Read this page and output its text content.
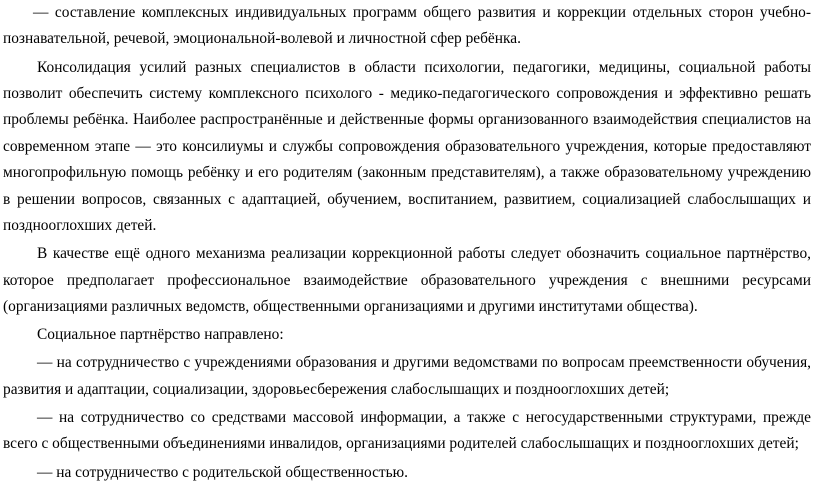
— составление комплексных индивидуальных программ общего развития и коррекции отдельных сторон учебно-познавательной, речевой, эмоциональной-волевой и личностной сфер ребёнка.

Консолидация усилий разных специалистов в области психологии, педагогики, медицины, социальной работы позволит обеспечить систему комплексного психолого - медико-педагогического сопровождения и эффективно решать проблемы ребёнка. Наиболее распространённые и действенные формы организованного взаимодействия специалистов на современном этапе — это консилиумы и службы сопровождения образовательного учреждения, которые предоставляют многопрофильную помощь ребёнку и его родителям (законным представителям), а также образовательному учреждению в решении вопросов, связанных с адаптацией, обучением, воспитанием, развитием, социализацией слабослышащих и позднооглохших детей.

В качестве ещё одного механизма реализации коррекционной работы следует обозначить социальное партнёрство, которое предполагает профессиональное взаимодействие образовательного учреждения с внешними ресурсами (организациями различных ведомств, общественными организациями и другими институтами общества).

Социальное партнёрство направлено:

— на сотрудничество с учреждениями образования и другими ведомствами по вопросам преемственности обучения, развития и адаптации, социализации, здоровьесбережения слабослышащих и позднооглохших детей;

— на сотрудничество со средствами массовой информации, а также с негосударственными структурами, прежде всего с общественными объединениями инвалидов, организациями родителей слабослышащих и позднооглохших детей;

— на сотрудничество с родительской общественностью.
